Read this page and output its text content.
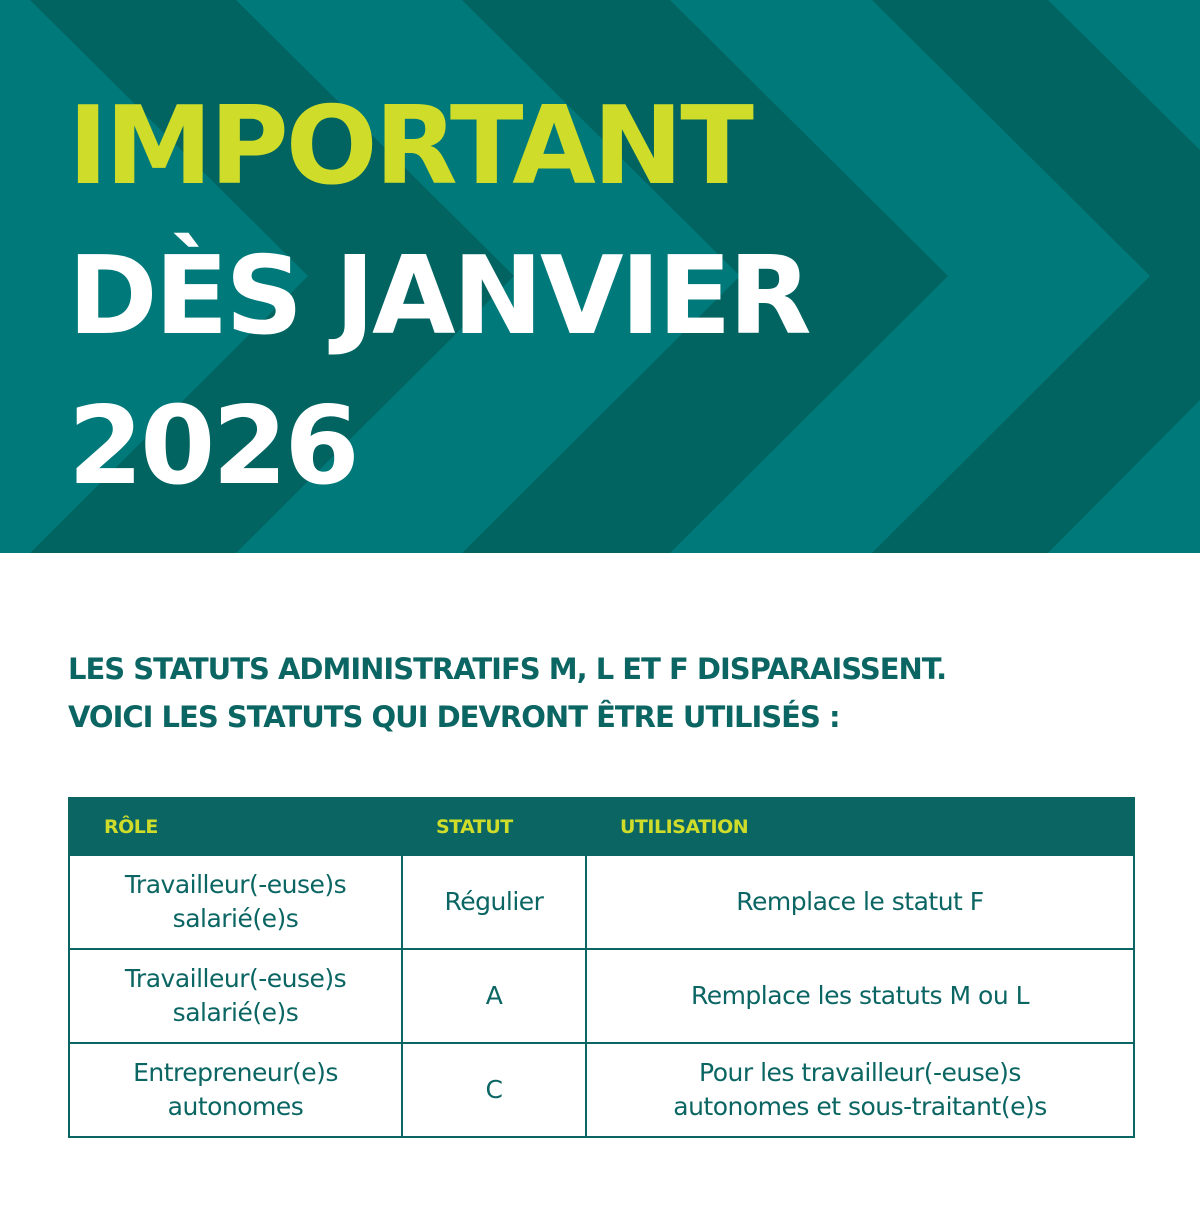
IMPORTANT
DÈS JANVIER
2026
LES STATUTS ADMINISTRATIFS M, L ET F DISPARAISSENT.
VOICI LES STATUTS QUI DEVRONT ÊTRE UTILISÉS :
RÔLE	STATUT	UTILISATION

Travailleur(-euse)s
salarié(e)s	Régulier	Remplace le statut F

Travailleur(-euse)s
salarié(e)s	A	Remplace les statuts M ou L

Entrepreneur(e)s
autonomes	C	Pour les travailleur(-euse)s
autonomes et sous-traitant(e)s
